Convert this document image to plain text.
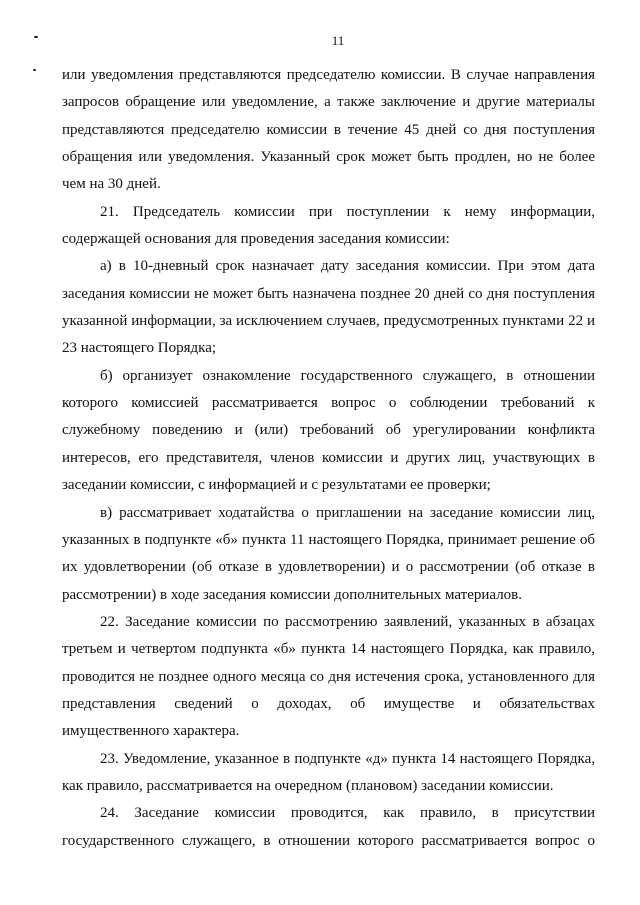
11
или уведомления представляются председателю комиссии. В случае направления
запросов обращение или уведомление, а также заключение и другие материалы
представляются председателю комиссии в течение 45 дней со дня поступления
обращения или уведомления. Указанный срок может быть продлен, но не более
чем на 30 дней.
21. Председатель комиссии при поступлении к нему информации,
содержащей основания для проведения заседания комиссии:
а) в 10-дневный срок назначает дату заседания комиссии. При этом дата
заседания комиссии не может быть назначена позднее 20 дней со дня поступления
указанной информации, за исключением случаев, предусмотренных пунктами 22 и
23 настоящего Порядка;
б) организует ознакомление государственного служащего, в отношении
которого комиссией рассматривается вопрос о соблюдении требований к
служебному поведению и (или) требований об урегулировании конфликта
интересов, его представителя, членов комиссии и других лиц, участвующих в
заседании комиссии, с информацией и с результатами ее проверки;
в) рассматривает ходатайства о приглашении на заседание комиссии лиц,
указанных в подпункте «б» пункта 11 настоящего Порядка, принимает решение об
их удовлетворении (об отказе в удовлетворении) и о рассмотрении (об отказе в
рассмотрении) в ходе заседания комиссии дополнительных материалов.
22. Заседание комиссии по рассмотрению заявлений, указанных в абзацах
третьем и четвертом подпункта «б» пункта 14 настоящего Порядка, как правило,
проводится не позднее одного месяца со дня истечения срока, установленного для
представления сведений о доходах, об имуществе и обязательствах
имущественного характера.
23. Уведомление, указанное в подпункте «д» пункта 14 настоящего Порядка,
как правило, рассматривается на очередном (плановом) заседании комиссии.
24. Заседание комиссии проводится, как правило, в присутствии
государственного служащего, в отношении которого рассматривается вопрос о
